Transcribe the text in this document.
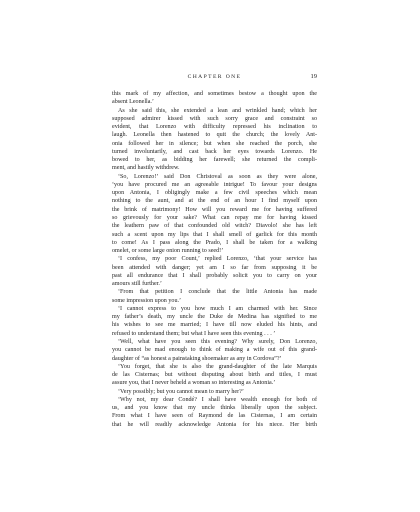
CHAPTER ONE	19
this mark of my affection, and sometimes bestow a thought upon the
absent Leonella.’
As she said this, she extended a lean and wrinkled hand; which her
supposed admirer kissed with such sorry grace and constraint so
evident, that Lorenzo with difficulty repressed his inclination to
laugh. Leonella then hastened to quit the church; the lovely Ant-
onia followed her in silence; but when she reached the porch, she
turned involuntarily, and cast back her eyes towards Lorenzo. He
bowed to her, as bidding her farewell; she returned the compli-
ment, and hastily withdrew.
‘So, Lorenzo!’ said Don Christoval as soon as they were alone,
‘you have procured me an agreeable intrigue! To favour your designs
upon Antonia, I obligingly make a few civil speeches which mean
nothing to the aunt, and at the end of an hour I find myself upon
the brink of matrimony! How will you reward me for having suffered
so grievously for your sake? What can repay me for having kissed
the leathern paw of that confounded old witch? Diavolo! she has left
such a scent upon my lips that I shall smell of garlick for this month
to come! As I pass along the Prado, I shall be taken for a walking
omelet, or some large onion running to seed!’
‘I confess, my poor Count,’ replied Lorenzo, ‘that your service has
been attended with danger; yet am I so far from supposing it be
past all endurance that I shall probably solicit you to carry on your
amours still further.’
‘From that petition I conclude that the little Antonia has made
some impression upon you.’
‘I cannot express to you how much I am charmed with her. Since
my father’s death, my uncle the Duke de Medina has signified to me
his wishes to see me married; I have till now eluded his hints, and
refused to understand them; but what I have seen this evening . . . ’
‘Well, what have you seen this evening? Why surely, Don Lorenzo,
you cannot be mad enough to think of making a wife out of this grand-
daughter of “as honest a painstaking shoemaker as any in Cordova”?’
‘You forget, that she is also the grand-daughter of the late Marquis
de las Cisternas; but without disputing about birth and titles, I must
assure you, that I never beheld a woman so interesting as Antonia.’
‘Very possibly; but you cannot mean to marry her?’
‘Why not, my dear Condé? I shall have wealth enough for both of
us, and you know that my uncle thinks liberally upon the subject.
From what I have seen of Raymond de las Cisternas, I am certain
that he will readily acknowledge Antonia for his niece. Her birth
